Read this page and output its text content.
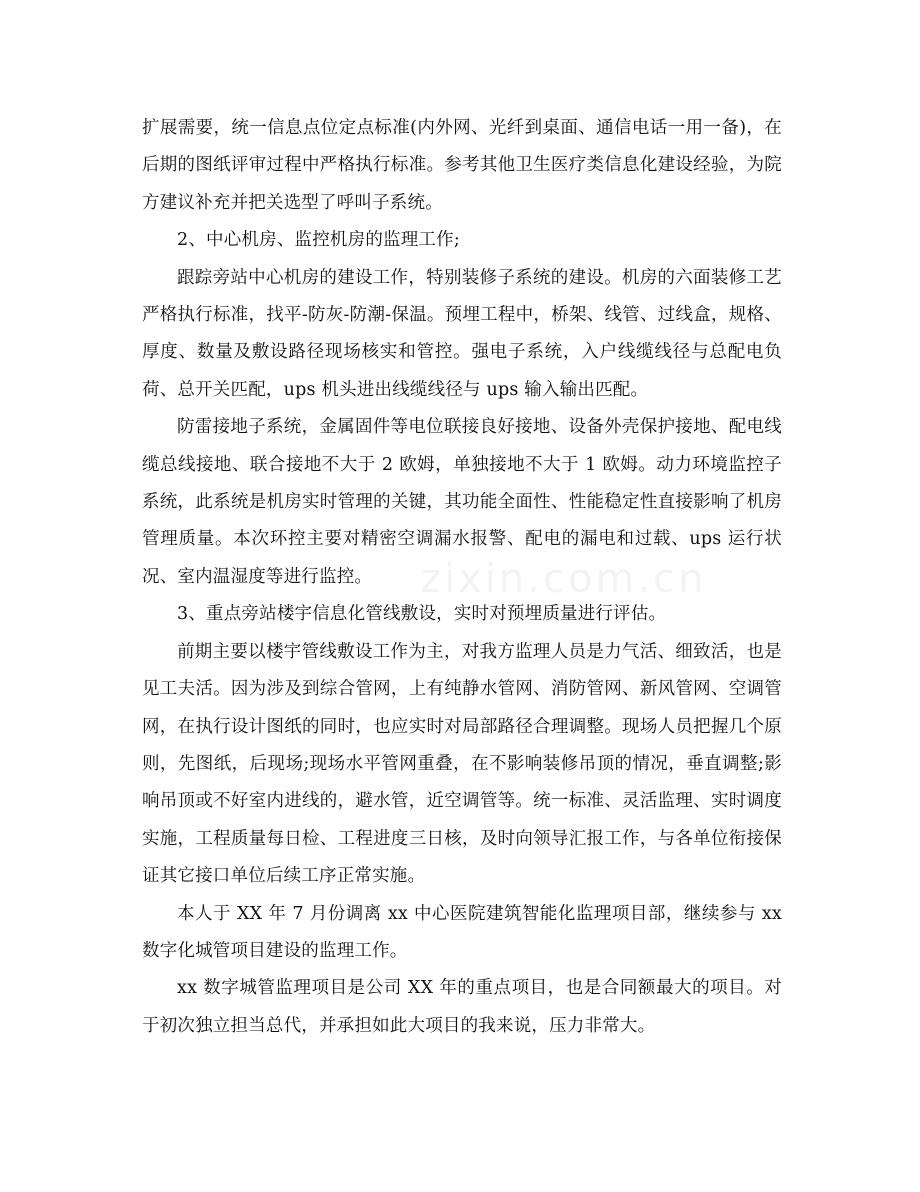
扩展需要，统一信息点位定点标准(内外网、光纤到桌面、通信电话一用一备)，在后期的图纸评审过程中严格执行标准。参考其他卫生医疗类信息化建设经验，为院方建议补充并把关选型了呼叫子系统。

2、中心机房、监控机房的监理工作;

跟踪旁站中心机房的建设工作，特别装修子系统的建设。机房的六面装修工艺严格执行标准，找平-防灰-防潮-保温。预埋工程中，桥架、线管、过线盒，规格、厚度、数量及敷设路径现场核实和管控。强电子系统，入户线缆线径与总配电负荷、总开关匹配，ups 机头进出线缆线径与 ups 输入输出匹配。

防雷接地子系统，金属固件等电位联接良好接地、设备外壳保护接地、配电线缆总线接地、联合接地不大于 2 欧姆，单独接地不大于 1 欧姆。动力环境监控子系统，此系统是机房实时管理的关键，其功能全面性、性能稳定性直接影响了机房管理质量。本次环控主要对精密空调漏水报警、配电的漏电和过载、ups 运行状况、室内温湿度等进行监控。

3、重点旁站楼宇信息化管线敷设，实时对预埋质量进行评估。

前期主要以楼宇管线敷设工作为主，对我方监理人员是力气活、细致活，也是见工夫活。因为涉及到综合管网，上有纯静水管网、消防管网、新风管网、空调管网，在执行设计图纸的同时，也应实时对局部路径合理调整。现场人员把握几个原则，先图纸，后现场;现场水平管网重叠，在不影响装修吊顶的情况，垂直调整;影响吊顶或不好室内进线的，避水管，近空调管等。统一标准、灵活监理、实时调度实施，工程质量每日检、工程进度三日核，及时向领导汇报工作，与各单位衔接保证其它接口单位后续工序正常实施。

本人于 XX 年 7 月份调离 xx 中心医院建筑智能化监理项目部，继续参与 xx 数字化城管项目建设的监理工作。

xx 数字城管监理项目是公司 XX 年的重点项目，也是合同额最大的项目。对于初次独立担当总代，并承担如此大项目的我来说，压力非常大。
